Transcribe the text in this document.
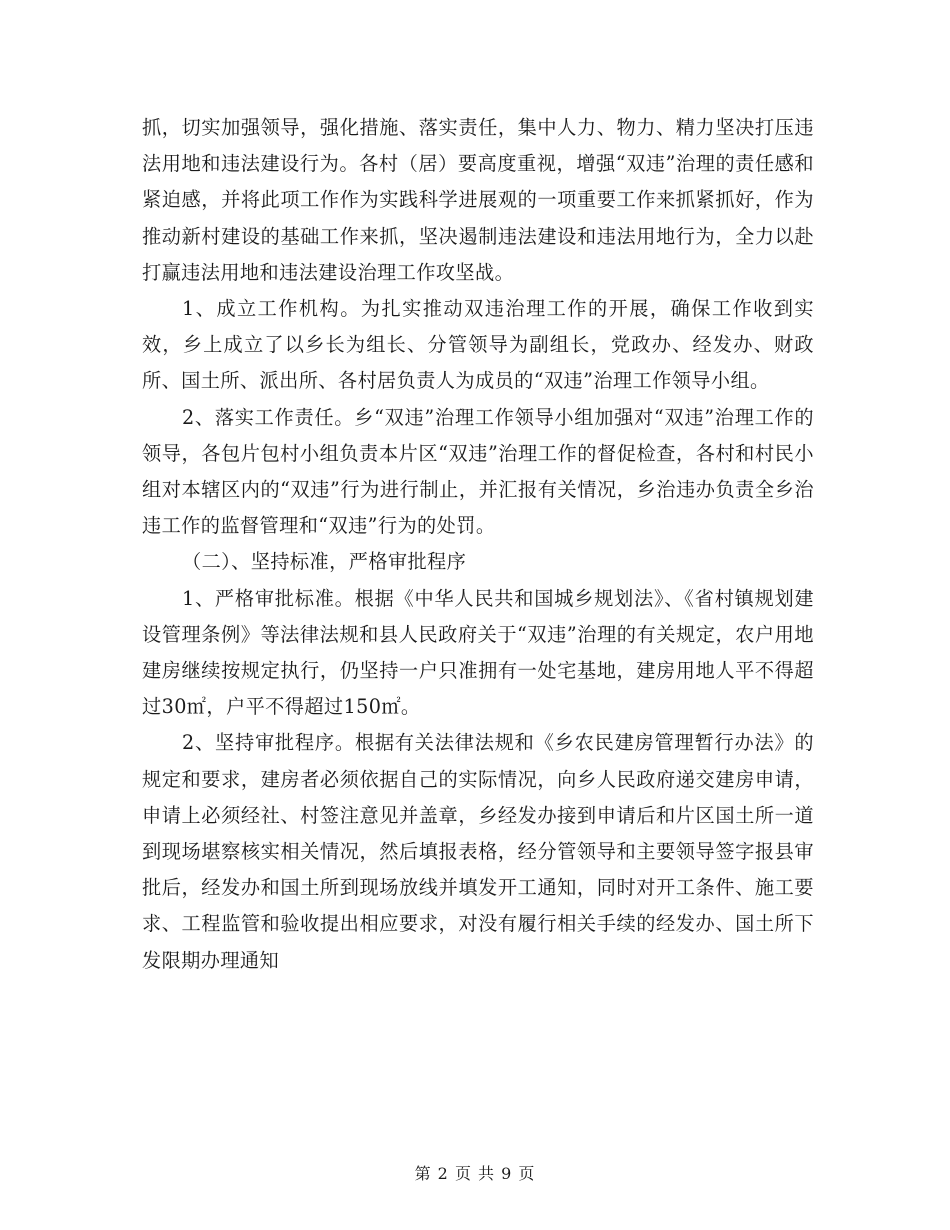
抓，切实加强领导，强化措施、落实责任，集中人力、物力、精力坚决打压违法用地和违法建设行为。各村（居）要高度重视，增强“双违”治理的责任感和紧迫感，并将此项工作作为实践科学进展观的一项重要工作来抓紧抓好，作为推动新村建设的基础工作来抓，坚决遏制违法建设和违法用地行为，全力以赴打赢违法用地和违法建设治理工作攻坚战。

1、成立工作机构。为扎实推动双违治理工作的开展，确保工作收到实效，乡上成立了以乡长为组长、分管领导为副组长，党政办、经发办、财政所、国土所、派出所、各村居负责人为成员的“双违”治理工作领导小组。

2、落实工作责任。乡“双违”治理工作领导小组加强对“双违”治理工作的领导，各包片包村小组负责本片区“双违”治理工作的督促检查，各村和村民小组对本辖区内的“双违”行为进行制止，并汇报有关情况，乡治违办负责全乡治违工作的监督管理和“双违”行为的处罚。

（二）、坚持标准，严格审批程序

1、严格审批标准。根据《中华人民共和国城乡规划法》、《省村镇规划建设管理条例》等法律法规和县人民政府关于“双违”治理的有关规定，农户用地建房继续按规定执行，仍坚持一户只准拥有一处宅基地，建房用地人平不得超过30㎡，户平不得超过150㎡。

2、坚持审批程序。根据有关法律法规和《乡农民建房管理暂行办法》的规定和要求，建房者必须依据自己的实际情况，向乡人民政府递交建房申请，申请上必须经社、村签注意见并盖章，乡经发办接到申请后和片区国土所一道到现场堪察核实相关情况，然后填报表格，经分管领导和主要领导签字报县审批后，经发办和国土所到现场放线并填发开工通知，同时对开工条件、施工要求、工程监管和验收提出相应要求，对没有履行相关手续的经发办、国土所下发限期办理通知

第 2 页 共 9 页
